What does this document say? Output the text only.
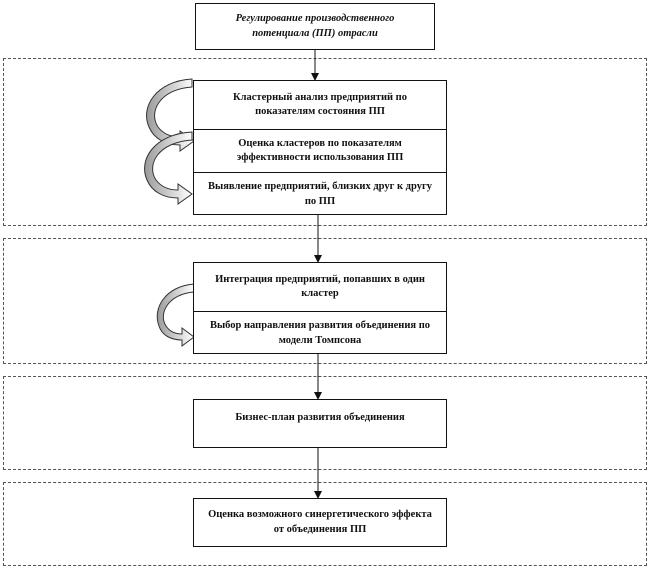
Регулирование производственного потенциала (ПП) отрасли
Кластерный анализ предприятий по показателям состояния ПП
Оценка кластеров по показателям эффективности использования ПП
Выявление предприятий, близких друг к другу по ПП
Интеграция предприятий, попавших в один кластер
Выбор направления развития объединения по модели Томпсона
Бизнес-план развития объединения
Оценка возможного синергетического эффекта от объединения ПП
